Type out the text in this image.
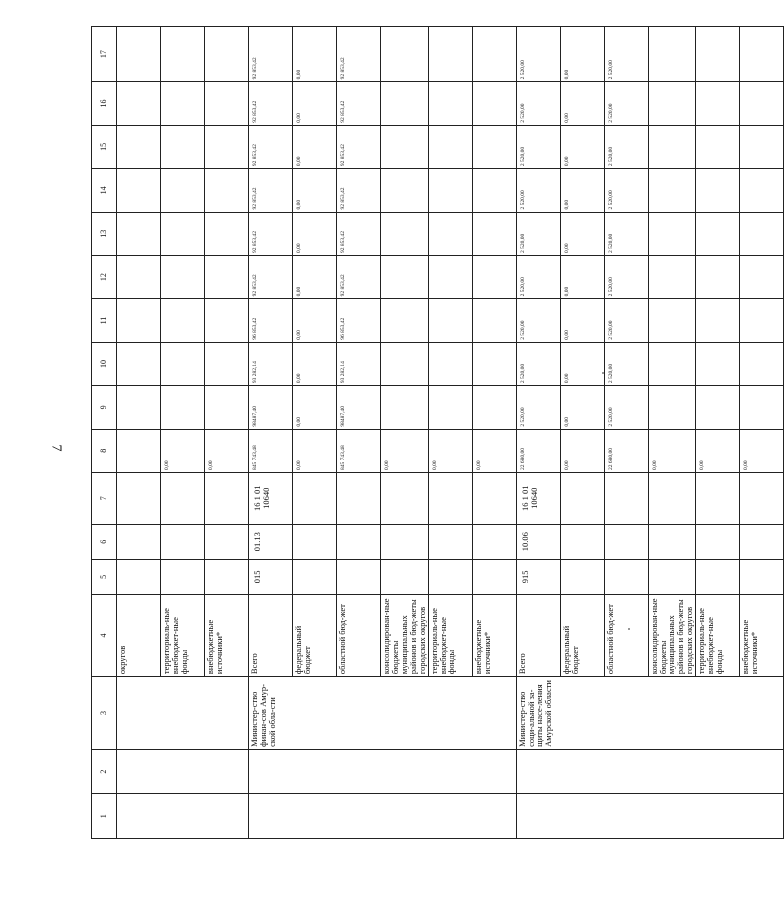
7
1	2	3	4	5	6	7	8	9	10	11	12	13	14	15	16	17
			округов													
			территориаль-ные внебюджет-ные фонды				0,00									
			внебюджетные источники*				0,00									
		Министер-ство финан-сов Амур-ской обла-сти	Всего	015	01.13	16 1 01 10640	845 743,48	98487,40	93 282,14	96 853,42	92 853,42	92 853,42	92 853,42	92 853,42	92 853,42	92 853,42
			федеральный бюджет				0,00	0,00	0,00	0,00	0,00	0,00	0,00	0,00	0,00	0,00
			областной бюд-жет				845 743,48	98487,40	93 282,14	96 853,42	92 853,42	92 853,42	92 853,42	92 853,42	92 853,42	92 853,42
			консолидирован-ные бюджеты муниципальных районов и бюд-жеты городских округов				0,00									
			территориаль-ные внебюджет-ные фонды				0,00									
			внебюджетные источники*				0,00									
		Министер-ство соци-альной за-щиты насе-ления Амурской области	Всего	915	10.06	16 1 01 10640	22 680,00	2 520,00	2 520,00	2 520,00	2 520,00	2 520,00	2 520,00	2 520,00	2 520,00	2 520,00
			федеральный бюджет				0,00	0,00	0,00	0,00	0,00	0,00	0,00	0,00	0,00	0,00
			областной бюд-жет				22 680,00	2 520,00	2 520,00	2 520,00	2 520,00	2 520,00	2 520,00	2 520,00	2 520,00	2 520,00
			консолидирован-ные бюджеты муниципальных районов и бюд-жеты городских округов				0,00									
			территориаль-ные внебюджет-ные фонды				0,00									
			внебюджетные источники*				0,00									
